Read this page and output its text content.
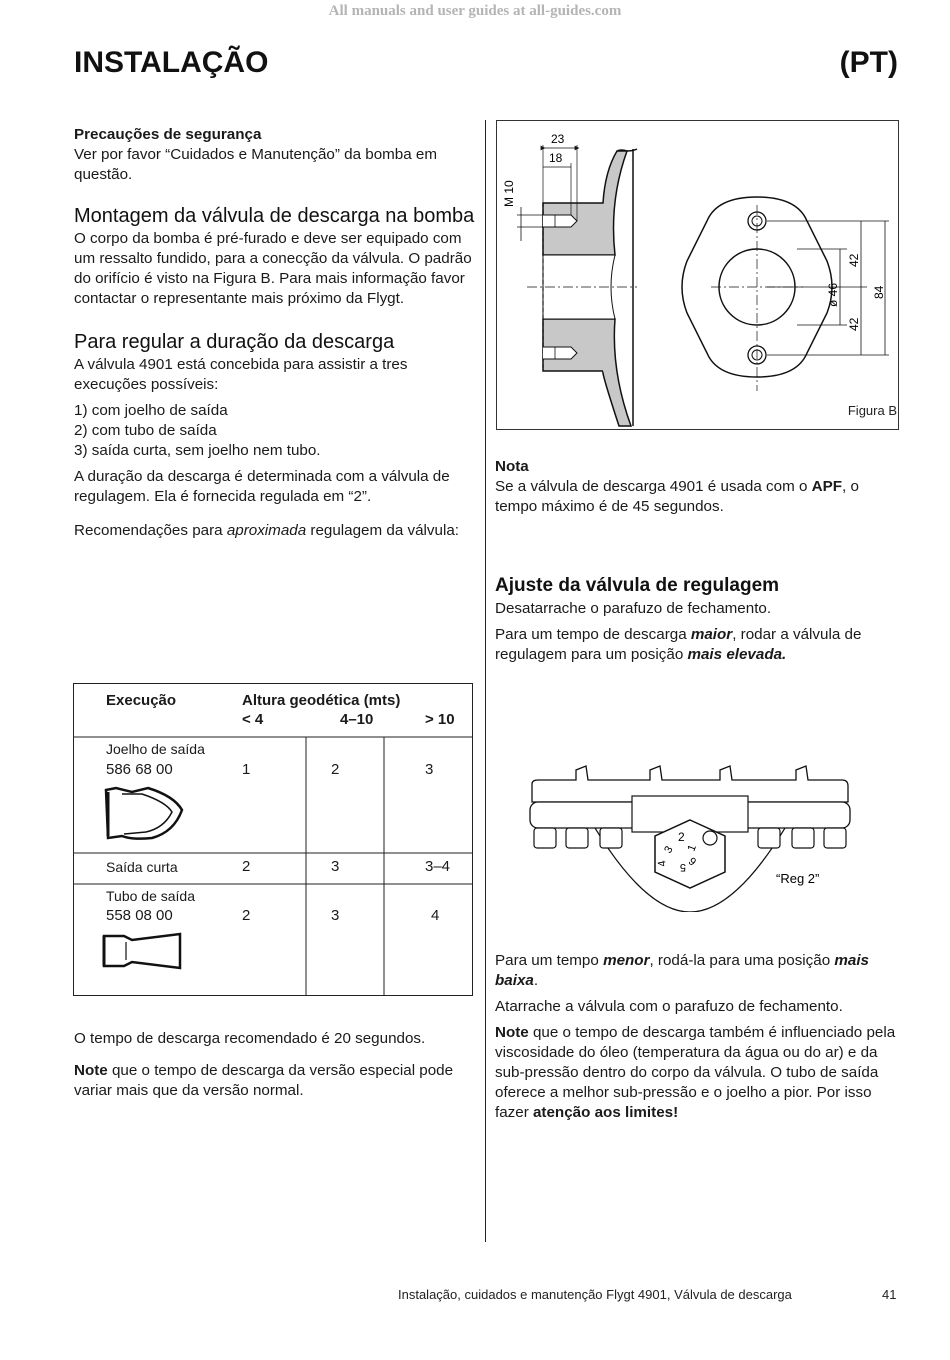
All manuals and user guides at all-guides.com
INSTALAÇÃO	(PT)

Precauções de segurança

Ver por favor “Cuidados e Manutenção” da bomba em questão.

Montagem da válvula de descarga na bomba

O corpo da bomba é pré-furado e deve ser equipado com um ressalto fundido, para a conecção da válvula. O padrão do orifício é visto na Figura B. Para mais informação favor contactar o representante mais próximo da Flygt.

Para regular a duração da descarga

A válvula 4901 está concebida para assistir a tres execuções possíveis:

1) com joelho de saída

2) com tubo de saída

3) saída curta, sem joelho nem tubo.

A duração da descarga é determinada com a válvula de regulagem. Ela é fornecida regulada em “2”.

Recomendações para aproximada regulagem da válvula:

Execução	Altura geodética (mts)
< 4	4–10	> 10
Joelho de saída
586 68 00	1	2	3
Saída curta	2	3	3–4
Tubo de saída
558 08 00	2	3	4

O tempo de descarga recomendado é 20 segundos.

Note que o tempo de descarga da versão especial pode variar mais que da versão normal.

23
18
M 10
ø 46
42
42
84
Figura B

Nota

Se a válvula de descarga 4901 é usada com o APF, o tempo máximo é de 45 segundos.

Ajuste da válvula de regulagem

Desatarrache o parafuzo de fechamento.

Para um tempo de descarga maior, rodar a válvula de regulagem para um posição mais elevada.

2
1
3
4 5 6
“Reg 2”

Para um tempo menor, rodá-la para uma posição mais baixa.

Atarrache a válvula com o parafuzo de fechamento.

Note que o tempo de descarga também é influenciado pela viscosidade do óleo (temperatura da água ou do ar) e da sub-pressão dentro do corpo da válvula. O tubo de saída oferece a melhor sub-pressão e o joelho a pior. Por isso fazer atenção aos limites!

Instalação, cuidados e manutenção Flygt 4901, Válvula de descarga	41
